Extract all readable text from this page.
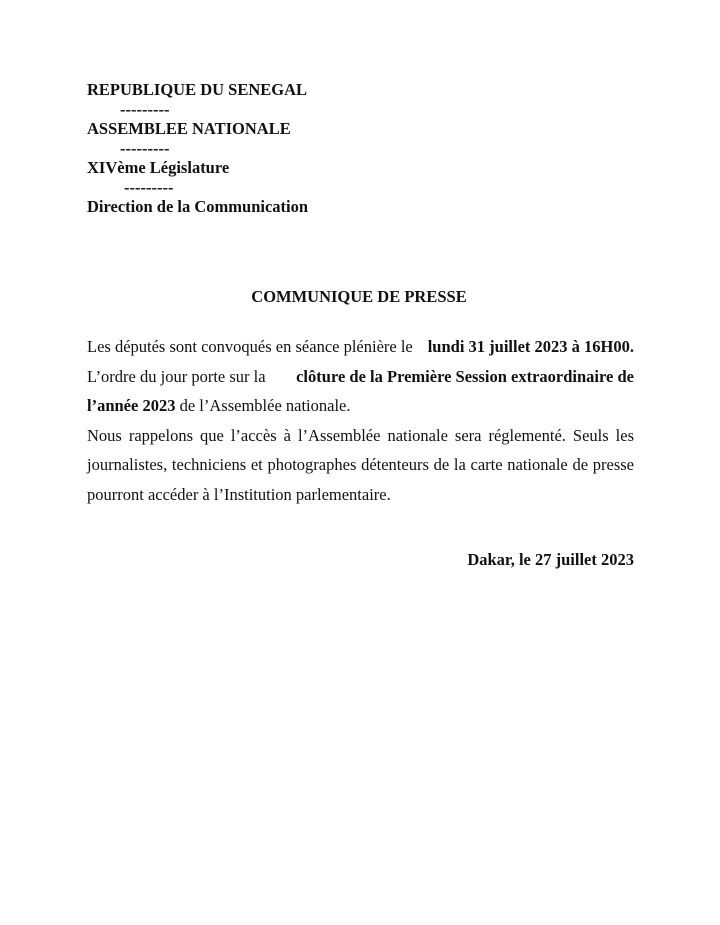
REPUBLIQUE DU SENEGAL
---------
ASSEMBLEE NATIONALE
---------
XIVème Législature
---------
Direction de la Communication
COMMUNIQUE DE PRESSE
Les députés sont convoqués en séance plénière le lundi 31 juillet 2023 à 16H00.
L’ordre du jour porte sur la clôture de la Première Session extraordinaire de
l’année 2023 de l’Assemblée nationale.
Nous rappelons que l’accès à l’Assemblée nationale sera réglementé. Seuls les
journalistes, techniciens et photographes détenteurs de la carte nationale de presse
pourront accéder à l’Institution parlementaire.
Dakar, le 27 juillet 2023
